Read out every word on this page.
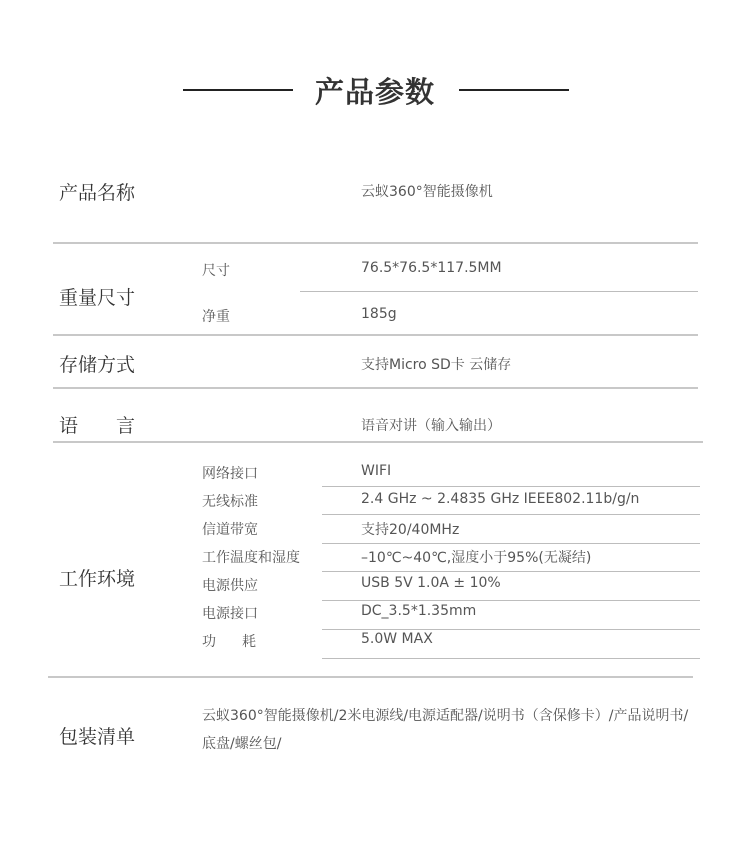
产品参数
产品名称	云蚁360°智能摄像机
重量尺寸
尺寸	76.5*76.5*117.5MM
净重	185g
存储方式	支持Micro SD卡 云储存
语 言	语音对讲（输入输出）
工作环境
网络接口	WIFI
无线标准	2.4 GHz ~ 2.4835 GHz IEEE802.11b/g/n
信道带宽	支持20/40MHz
工作温度和湿度	–10℃~40℃,湿度小于95%(无凝结)
电源供应	USB 5V 1.0A ± 10%
电源接口	DC_3.5*1.35mm
功 耗	5.0W MAX
包装清单
云蚁360°智能摄像机/2米电源线/电源适配器/说明书（含保修卡）/产品说明书/
底盘/螺丝包/
